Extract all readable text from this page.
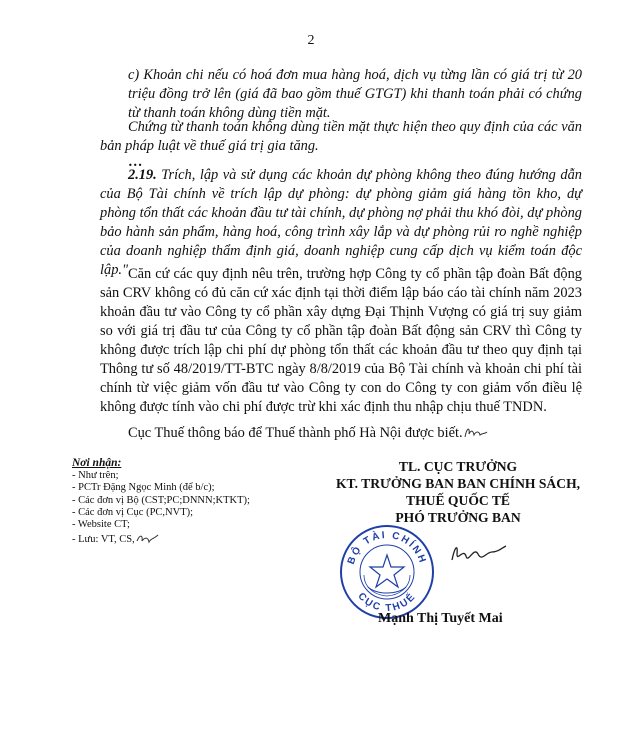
2

c) Khoản chi nếu có hoá đơn mua hàng hoá, dịch vụ từng lần có giá trị từ 20 triệu đồng trở lên (giá đã bao gồm thuế GTGT) khi thanh toán phải có chứng từ thanh toán không dùng tiền mặt.

Chứng từ thanh toán không dùng tiền mặt thực hiện theo quy định của các văn bản pháp luật về thuế giá trị gia tăng.

…

2.19. Trích, lập và sử dụng các khoản dự phòng không theo đúng hướng dẫn của Bộ Tài chính về trích lập dự phòng: dự phòng giảm giá hàng tồn kho, dự phòng tổn thất các khoản đầu tư tài chính, dự phòng nợ phải thu khó đòi, dự phòng bảo hành sản phẩm, hàng hoá, công trình xây lắp và dự phòng rủi ro nghề nghiệp của doanh nghiệp thẩm định giá, doanh nghiệp cung cấp dịch vụ kiểm toán độc lập." Căn cứ các quy định nêu trên, trường hợp Công ty cổ phần tập đoàn Bất động sản CRV không có đủ căn cứ xác định tại thời điểm lập báo cáo tài chính năm 2023 khoản đầu tư vào Công ty cổ phần xây dựng Đại Thịnh Vượng có giá trị suy giảm so với giá trị đầu tư của Công ty cổ phần tập đoàn Bất động sản CRV thì Công ty không được trích lập chi phí dự phòng tổn thất các khoản đầu tư theo quy định tại Thông tư số 48/2019/TT-BTC ngày 8/8/2019 của Bộ Tài chính và khoản chi phí tài chính từ việc giảm vốn đầu tư vào Công ty con do Công ty con giảm vốn điều lệ không được tính vào chi phí được trừ khi xác định thu nhập chịu thuế TNDN.

Cục Thuế thông báo để Thuế thành phố Hà Nội được biết.

Nơi nhận:
- Như trên;
- PCTr Đặng Ngọc Minh (để b/c);
- Các đơn vị Bộ (CST;PC;DNNN;KTKT);
- Các đơn vị Cục (PC,NVT);
- Website CT;
- Lưu: VT, CS,
TL. CỤC TRƯỞNG
KT. TRƯỞNG BAN BAN CHÍNH SÁCH,
THUẾ QUỐC TẾ
PHÓ TRƯỞNG BAN
BỘ TÀI CHÍNH
CỤC THUẾ
Mạnh Thị Tuyết Mai
